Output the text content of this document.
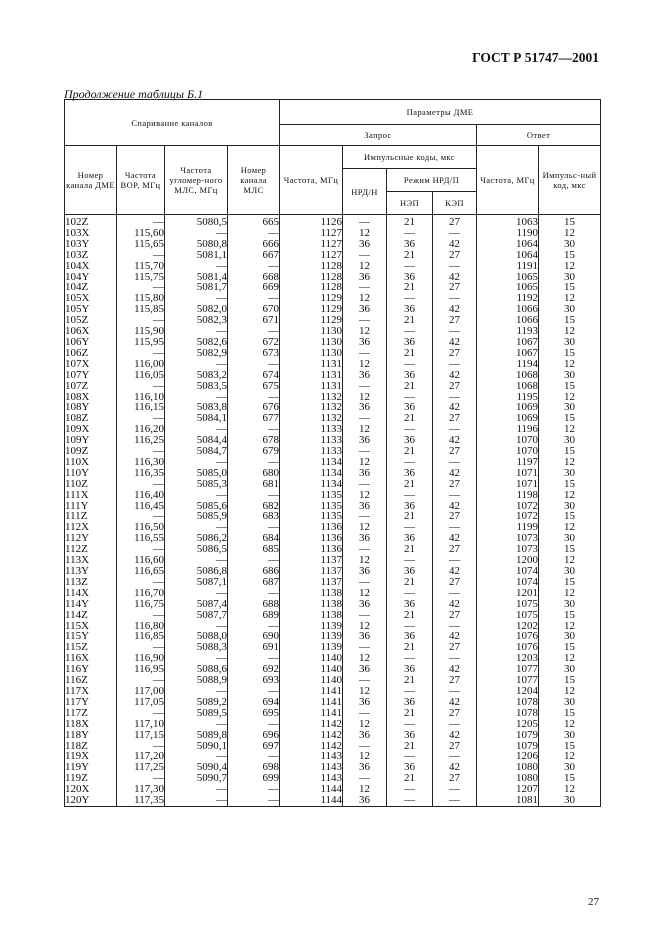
ГОСТ Р 51747—2001
Продолжение таблицы Б.1
Спаривание каналов				Параметры ДМЕ					
				Запрос				Ответ	
Номер канала ДМЕ	Частота ВОР, МГц	Частота угломер-ного МЛС, МГц	Номер канала МЛС	Частота, МГц	Импульсные коды, мкс			Частота, МГц	Импульс-ный код, мкс
					НРД/Н	Режим НРД/П			
						НЭП	КЭП		
102Z	—	5080,5	665	1126	—	21	27	1063	15
103X	115,60	—	—	1127	12	—	—	1190	12
103Y	115,65	5080,8	666	1127	36	36	42	1064	30
103Z	—	5081,1	667	1127	—	21	27	1064	15
104X	115,70	—	—	1128	12	—	—	1191	12
104Y	115,75	5081,4	668	1128	36	36	42	1065	30
104Z	—	5081,7	669	1128	—	21	27	1065	15
105X	115,80	—	—	1129	12	—	—	1192	12
105Y	115,85	5082,0	670	1129	36	36	42	1066	30
105Z	—	5082,3	671	1129	—	21	27	1066	15
106X	115,90	—	—	1130	12	—	—	1193	12
106Y	115,95	5082,6	672	1130	36	36	42	1067	30
106Z	—	5082,9	673	1130	—	21	27	1067	15
107X	116,00	—	—	1131	12	—	—	1194	12
107Y	116,05	5083,2	674	1131	36	36	42	1068	30
107Z	—	5083,5	675	1131	—	21	27	1068	15
108X	116,10	—	—	1132	12	—	—	1195	12
108Y	116,15	5083,8	676	1132	36	36	42	1069	30
108Z	—	5084,1	677	1132	—	21	27	1069	15
109X	116,20	—	—	1133	12	—	—	1196	12
109Y	116,25	5084,4	678	1133	36	36	42	1070	30
109Z	—	5084,7	679	1133	—	21	27	1070	15
110X	116,30	—	—	1134	12	—	—	1197	12
110Y	116,35	5085,0	680	1134	36	36	42	1071	30
110Z	—	5085,3	681	1134	—	21	27	1071	15
111X	116,40	—	—	1135	12	—	—	1198	12
111Y	116,45	5085,6	682	1135	36	36	42	1072	30
111Z	—	5085,9	683	1135	—	21	27	1072	15
112X	116,50	—	—	1136	12	—	—	1199	12
112Y	116,55	5086,2	684	1136	36	36	42	1073	30
112Z	—	5086,5	685	1136	—	21	27	1073	15
113X	116,60	—	—	1137	12	—	—	1200	12
113Y	116,65	5086,8	686	1137	36	36	42	1074	30
113Z	—	5087,1	687	1137	—	21	27	1074	15
114X	116,70	—	—	1138	12	—	—	1201	12
114Y	116,75	5087,4	688	1138	36	36	42	1075	30
114Z	—	5087,7	689	1138	—	21	27	1075	15
115X	116,80	—	—	1139	12	—	—	1202	12
115Y	116,85	5088,0	690	1139	36	36	42	1076	30
115Z	—	5088,3	691	1139	—	21	27	1076	15
116X	116,90	—	—	1140	12	—	—	1203	12
116Y	116,95	5088,6	692	1140	36	36	42	1077	30
116Z	—	5088,9	693	1140	—	21	27	1077	15
117X	117,00	—	—	1141	12	—	—	1204	12
117Y	117,05	5089,2	694	1141	36	36	42	1078	30
117Z	—	5089,5	695	1141	—	21	27	1078	15
118X	117,10	—	—	1142	12	—	—	1205	12
118Y	117,15	5089,8	696	1142	36	36	42	1079	30
118Z	—	5090,1	697	1142	—	21	27	1079	15
119X	117,20	—	—	1143	12	—	—	1206	12
119Y	117,25	5090,4	698	1143	36	36	42	1080	30
119Z	—	5090,7	699	1143	—	21	27	1080	15
120X	117,30	—	—	1144	12	—	—	1207	12
120Y	117,35	—	—	1144	36	—	—	1081	30
27
